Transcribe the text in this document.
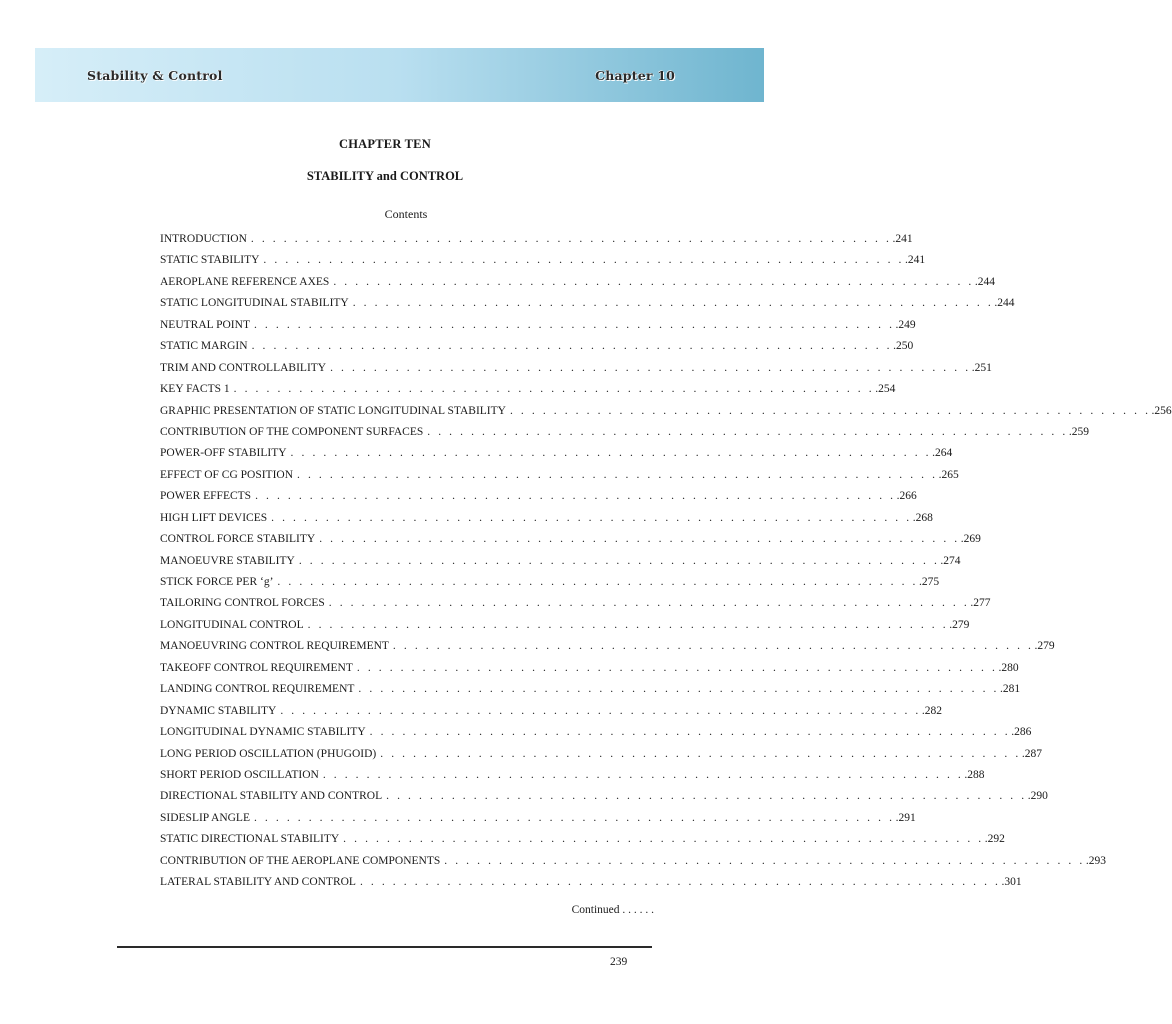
Stability & Control	Chapter 10
CHAPTER TEN
STABILITY and CONTROL
Contents
INTRODUCTION . . . . . . . . . . . . . . . . . . . . . . . . . . . . . . . . . . . . . . . . . . . . . . . . . . . . . . . . . . . .241
STATIC STABILITY . . . . . . . . . . . . . . . . . . . . . . . . . . . . . . . . . . . . . . . . . . . . . . . . . . . . . . . . . . . .241
AEROPLANE REFERENCE AXES . . . . . . . . . . . . . . . . . . . . . . . . . . . . . . . . . . . . . . . . . . . . . . . . . . . . . . . . . . . .244
STATIC LONGITUDINAL STABILITY . . . . . . . . . . . . . . . . . . . . . . . . . . . . . . . . . . . . . . . . . . . . . . . . . . . . . . . . . . . .244
NEUTRAL POINT . . . . . . . . . . . . . . . . . . . . . . . . . . . . . . . . . . . . . . . . . . . . . . . . . . . . . . . . . . . .249
STATIC MARGIN . . . . . . . . . . . . . . . . . . . . . . . . . . . . . . . . . . . . . . . . . . . . . . . . . . . . . . . . . . . .250
TRIM AND CONTROLLABILITY . . . . . . . . . . . . . . . . . . . . . . . . . . . . . . . . . . . . . . . . . . . . . . . . . . . . . . . . . . . .251
KEY FACTS 1 . . . . . . . . . . . . . . . . . . . . . . . . . . . . . . . . . . . . . . . . . . . . . . . . . . . . . . . . . . . .254
GRAPHIC PRESENTATION OF STATIC LONGITUDINAL STABILITY . . . . . . . . . . . . . . . . . . . . . . . . . . . . . . . . . . . . . . . . . . . . . . . . . . . . . . . . . . . .256
CONTRIBUTION OF THE COMPONENT SURFACES . . . . . . . . . . . . . . . . . . . . . . . . . . . . . . . . . . . . . . . . . . . . . . . . . . . . . . . . . . . .259
POWER-OFF STABILITY . . . . . . . . . . . . . . . . . . . . . . . . . . . . . . . . . . . . . . . . . . . . . . . . . . . . . . . . . . . .264
EFFECT OF CG POSITION . . . . . . . . . . . . . . . . . . . . . . . . . . . . . . . . . . . . . . . . . . . . . . . . . . . . . . . . . . . .265
POWER EFFECTS . . . . . . . . . . . . . . . . . . . . . . . . . . . . . . . . . . . . . . . . . . . . . . . . . . . . . . . . . . . .266
HIGH LIFT DEVICES . . . . . . . . . . . . . . . . . . . . . . . . . . . . . . . . . . . . . . . . . . . . . . . . . . . . . . . . . . . .268
CONTROL FORCE STABILITY . . . . . . . . . . . . . . . . . . . . . . . . . . . . . . . . . . . . . . . . . . . . . . . . . . . . . . . . . . . .269
MANOEUVRE STABILITY . . . . . . . . . . . . . . . . . . . . . . . . . . . . . . . . . . . . . . . . . . . . . . . . . . . . . . . . . . . .274
STICK FORCE PER ‘g’ . . . . . . . . . . . . . . . . . . . . . . . . . . . . . . . . . . . . . . . . . . . . . . . . . . . . . . . . . . . .275
TAILORING CONTROL FORCES . . . . . . . . . . . . . . . . . . . . . . . . . . . . . . . . . . . . . . . . . . . . . . . . . . . . . . . . . . . .277
LONGITUDINAL CONTROL . . . . . . . . . . . . . . . . . . . . . . . . . . . . . . . . . . . . . . . . . . . . . . . . . . . . . . . . . . . .279
MANOEUVRING CONTROL REQUIREMENT . . . . . . . . . . . . . . . . . . . . . . . . . . . . . . . . . . . . . . . . . . . . . . . . . . . . . . . . . . . .279
TAKEOFF CONTROL REQUIREMENT . . . . . . . . . . . . . . . . . . . . . . . . . . . . . . . . . . . . . . . . . . . . . . . . . . . . . . . . . . . .280
LANDING CONTROL REQUIREMENT . . . . . . . . . . . . . . . . . . . . . . . . . . . . . . . . . . . . . . . . . . . . . . . . . . . . . . . . . . . .281
DYNAMIC STABILITY . . . . . . . . . . . . . . . . . . . . . . . . . . . . . . . . . . . . . . . . . . . . . . . . . . . . . . . . . . . .282
LONGITUDINAL DYNAMIC STABILITY . . . . . . . . . . . . . . . . . . . . . . . . . . . . . . . . . . . . . . . . . . . . . . . . . . . . . . . . . . . .286
LONG PERIOD OSCILLATION (PHUGOID) . . . . . . . . . . . . . . . . . . . . . . . . . . . . . . . . . . . . . . . . . . . . . . . . . . . . . . . . . . . .287
SHORT PERIOD OSCILLATION . . . . . . . . . . . . . . . . . . . . . . . . . . . . . . . . . . . . . . . . . . . . . . . . . . . . . . . . . . . .288
DIRECTIONAL STABILITY AND CONTROL . . . . . . . . . . . . . . . . . . . . . . . . . . . . . . . . . . . . . . . . . . . . . . . . . . . . . . . . . . . .290
SIDESLIP ANGLE . . . . . . . . . . . . . . . . . . . . . . . . . . . . . . . . . . . . . . . . . . . . . . . . . . . . . . . . . . . .291
STATIC DIRECTIONAL STABILITY . . . . . . . . . . . . . . . . . . . . . . . . . . . . . . . . . . . . . . . . . . . . . . . . . . . . . . . . . . . .292
CONTRIBUTION OF THE AEROPLANE COMPONENTS . . . . . . . . . . . . . . . . . . . . . . . . . . . . . . . . . . . . . . . . . . . . . . . . . . . . . . . . . . . .293
LATERAL STABILITY AND CONTROL . . . . . . . . . . . . . . . . . . . . . . . . . . . . . . . . . . . . . . . . . . . . . . . . . . . . . . . . . . . .301
Continued . . . . . .
239
